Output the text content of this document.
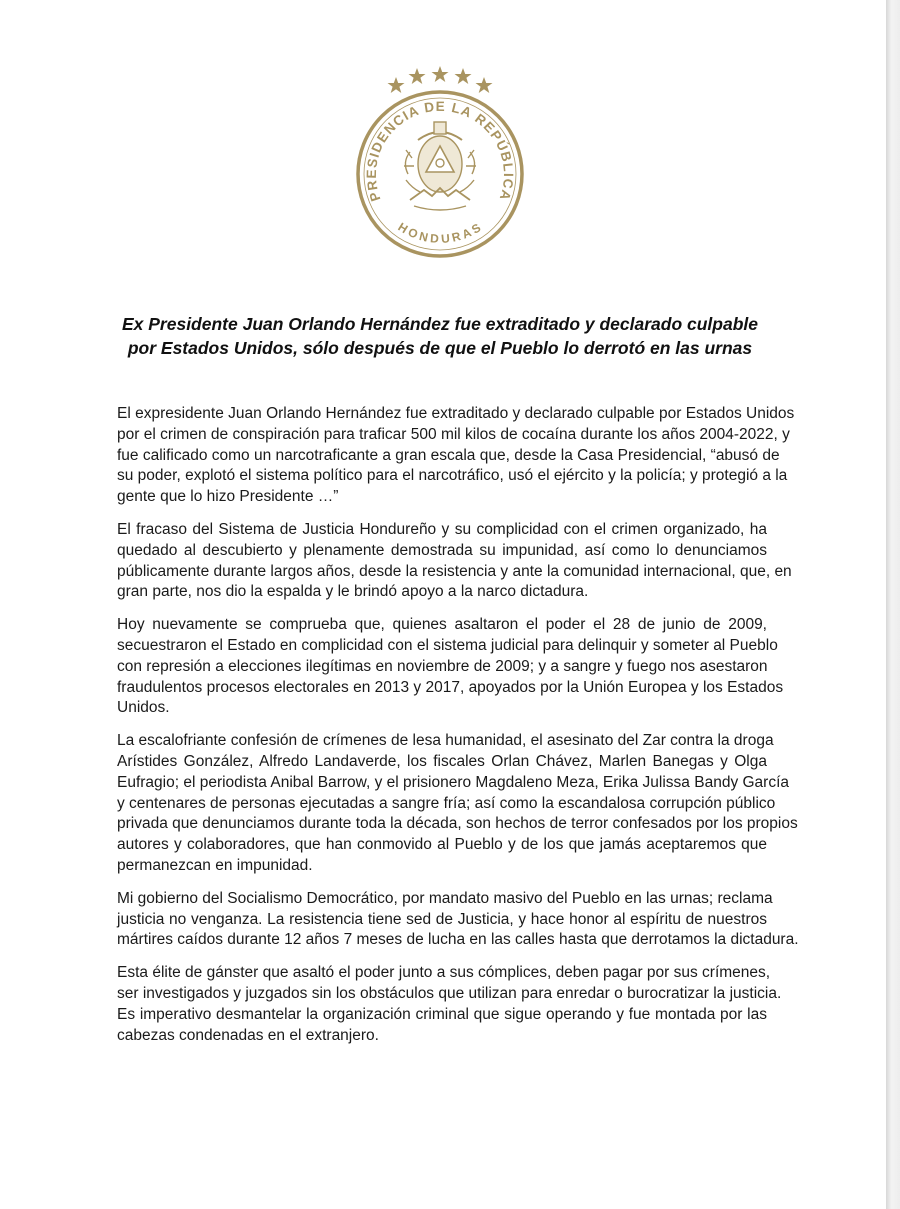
PRESIDENCIA DE LA REPÚBLICA
HONDURAS
Ex Presidente Juan Orlando Hernández fue extraditado y declarado culpable
por Estados Unidos, sólo después de que el Pueblo lo derrotó en las urnas
El expresidente Juan Orlando Hernández fue extraditado y declarado culpable por Estados Unidos
por el crimen de conspiración para traficar 500 mil kilos de cocaína durante los años 2004-2022, y
fue calificado como un narcotraficante a gran escala que, desde la Casa Presidencial, “abusó de
su poder, explotó el sistema político para el narcotráfico, usó el ejército y la policía; y protegió a la
gente que lo hizo Presidente …”
El fracaso del Sistema de Justicia Hondureño y su complicidad con el crimen organizado, ha
quedado al descubierto y plenamente demostrada su impunidad, así como lo denunciamos
públicamente durante largos años, desde la resistencia y ante la comunidad internacional, que, en
gran parte, nos dio la espalda y le brindó apoyo a la narco dictadura.
Hoy nuevamente se comprueba que, quienes asaltaron el poder el 28 de junio de 2009,
secuestraron el Estado en complicidad con el sistema judicial para delinquir y someter al Pueblo
con represión a elecciones ilegítimas en noviembre de 2009; y a sangre y fuego nos asestaron
fraudulentos procesos electorales en 2013 y 2017, apoyados por la Unión Europea y los Estados
Unidos.
La escalofriante confesión de crímenes de lesa humanidad, el asesinato del Zar contra la droga
Arístides González, Alfredo Landaverde, los fiscales Orlan Chávez, Marlen Banegas y Olga
Eufragio; el periodista Anibal Barrow, y el prisionero Magdaleno Meza, Erika Julissa Bandy García
y centenares de personas ejecutadas a sangre fría; así como la escandalosa corrupción público
privada que denunciamos durante toda la década, son hechos de terror confesados por los propios
autores y colaboradores, que han conmovido al Pueblo y de los que jamás aceptaremos que
permanezcan en impunidad.
Mi gobierno del Socialismo Democrático, por mandato masivo del Pueblo en las urnas; reclama
justicia no venganza. La resistencia tiene sed de Justicia, y hace honor al espíritu de nuestros
mártires caídos durante 12 años 7 meses de lucha en las calles hasta que derrotamos la dictadura.
Esta élite de gánster que asaltó el poder junto a sus cómplices, deben pagar por sus crímenes,
ser investigados y juzgados sin los obstáculos que utilizan para enredar o burocratizar la justicia.
Es imperativo desmantelar la organización criminal que sigue operando y fue montada por las
cabezas condenadas en el extranjero.
